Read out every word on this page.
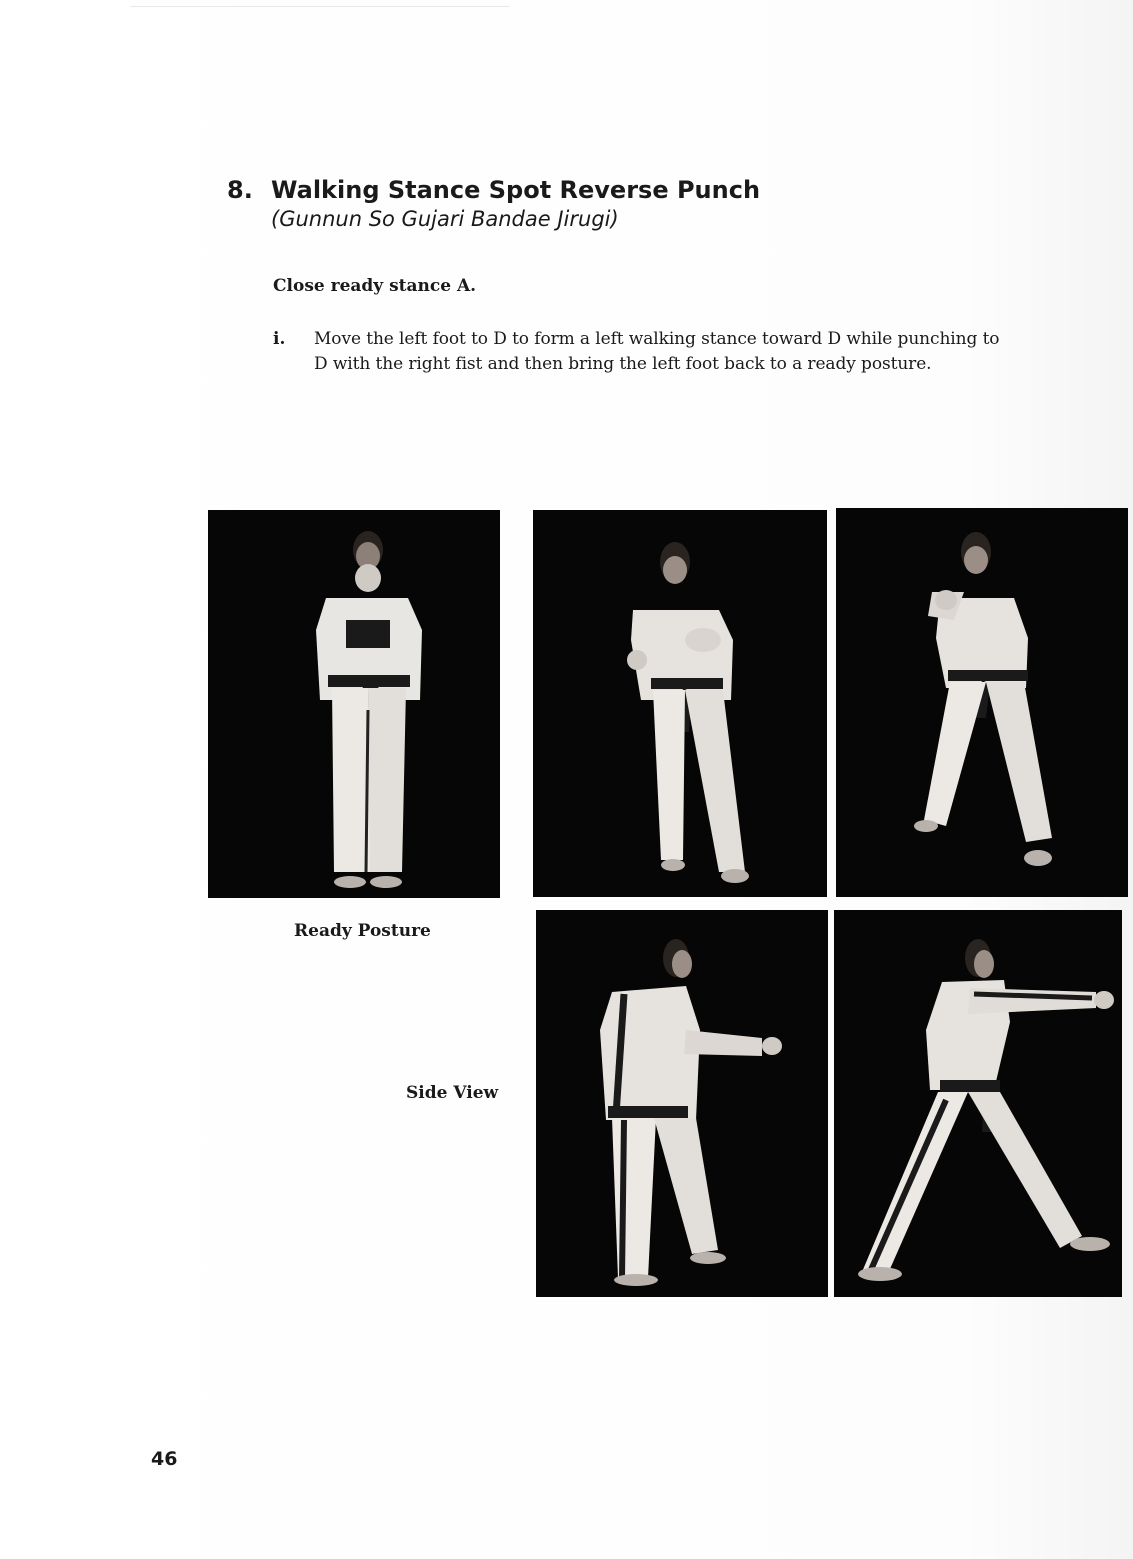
8. Walking Stance Spot Reverse Punch
(Gunnun So Gujari Bandae Jirugi)
Close ready stance A.
i. Move the left foot to D to form a left walking stance toward D while punching to D with the right fist and then bring the left foot back to a ready posture.
Ready Posture
Side View
46
